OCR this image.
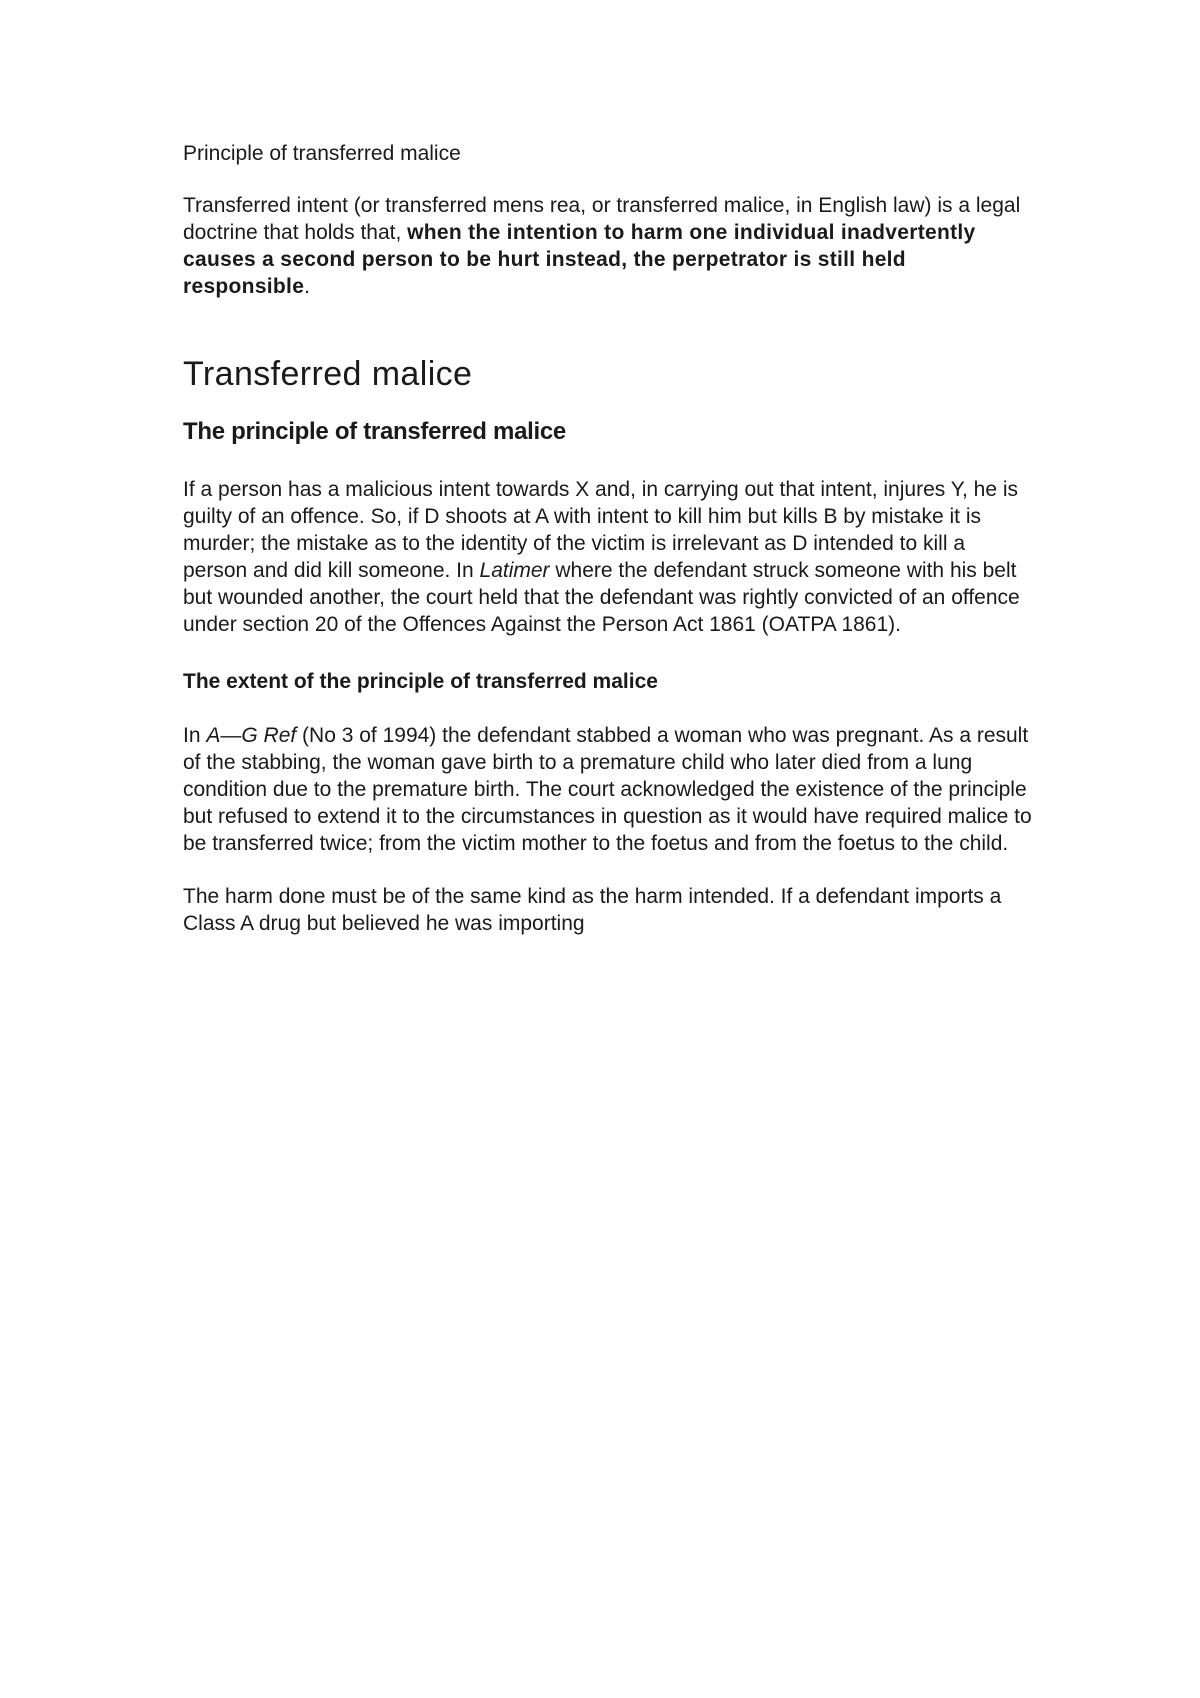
Principle of transferred malice

Transferred intent (or transferred mens rea, or transferred malice, in English law) is a legal doctrine that holds that, when the intention to harm one individual inadvertently causes a second person to be hurt instead, the perpetrator is still held responsible.

Transferred malice
The principle of transferred malice

If a person has a malicious intent towards X and, in carrying out that intent, injures Y, he is guilty of an offence. So, if D shoots at A with intent to kill him but kills B by mistake it is murder; the mistake as to the identity of the victim is irrelevant as D intended to kill a person and did kill someone. In Latimer where the defendant struck someone with his belt but wounded another, the court held that the defendant was rightly convicted of an offence under section 20 of the Offences Against the Person Act 1861 (OATPA 1861).

The extent of the principle of transferred malice

In A—G Ref (No 3 of 1994) the defendant stabbed a woman who was pregnant. As a result of the stabbing, the woman gave birth to a premature child who later died from a lung condition due to the premature birth. The court acknowledged the existence of the principle but refused to extend it to the circumstances in question as it would have required malice to be transferred twice; from the victim mother to the foetus and from the foetus to the child.

The harm done must be of the same kind as the harm intended. If a defendant imports a Class A drug but believed he was importing
